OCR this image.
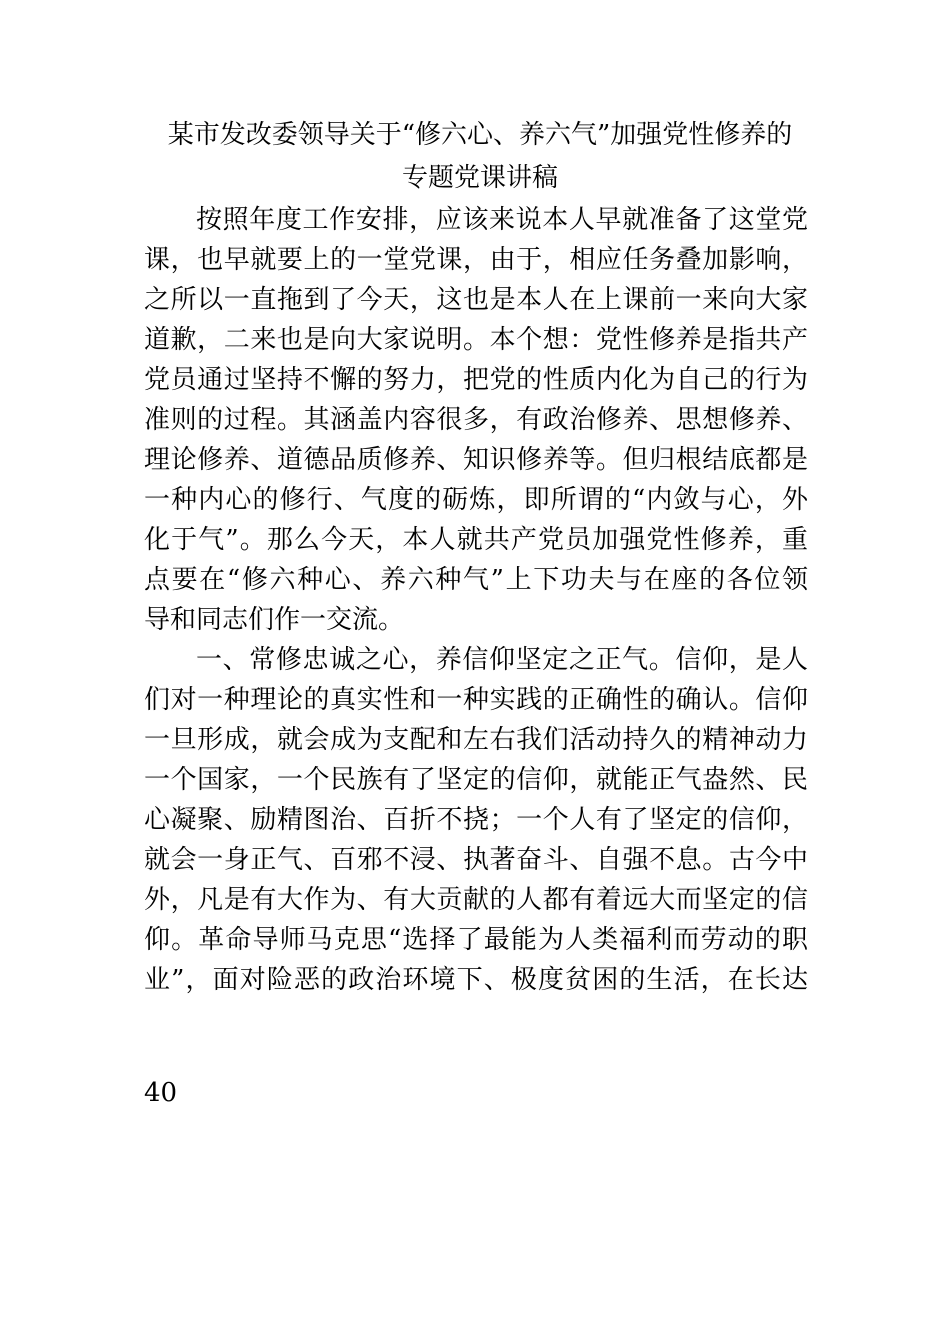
某市发改委领导关于“修六心、养六气”加强党性修养的
专题党课讲稿
按照年度工作安排，应该来说本人早就准备了这堂党
课，也早就要上的一堂党课，由于，相应任务叠加影响，
之所以一直拖到了今天，这也是本人在上课前一来向大家
道歉，二来也是向大家说明。本个想：党性修养是指共产
党员通过坚持不懈的努力，把党的性质内化为自己的行为
准则的过程。其涵盖内容很多，有政治修养、思想修养、
理论修养、道德品质修养、知识修养等。但归根结底都是
一种内心的修行、气度的砺炼，即所谓的“内敛与心，外
化于气”。那么今天，本人就共产党员加强党性修养，重
点要在“修六种心、养六种气”上下功夫与在座的各位领
导和同志们作一交流。
一、常修忠诚之心，养信仰坚定之正气。信仰，是人
们对一种理论的真实性和一种实践的正确性的确认。信仰
一旦形成，就会成为支配和左右我们活动持久的精神动力
一个国家，一个民族有了坚定的信仰，就能正气盎然、民
心凝聚、励精图治、百折不挠；一个人有了坚定的信仰，
就会一身正气、百邪不浸、执著奋斗、自强不息。古今中
外，凡是有大作为、有大贡献的人都有着远大而坚定的信
仰。革命导师马克思“选择了最能为人类福利而劳动的职
业”，面对险恶的政治环境下、极度贫困的生活，在长达
40
